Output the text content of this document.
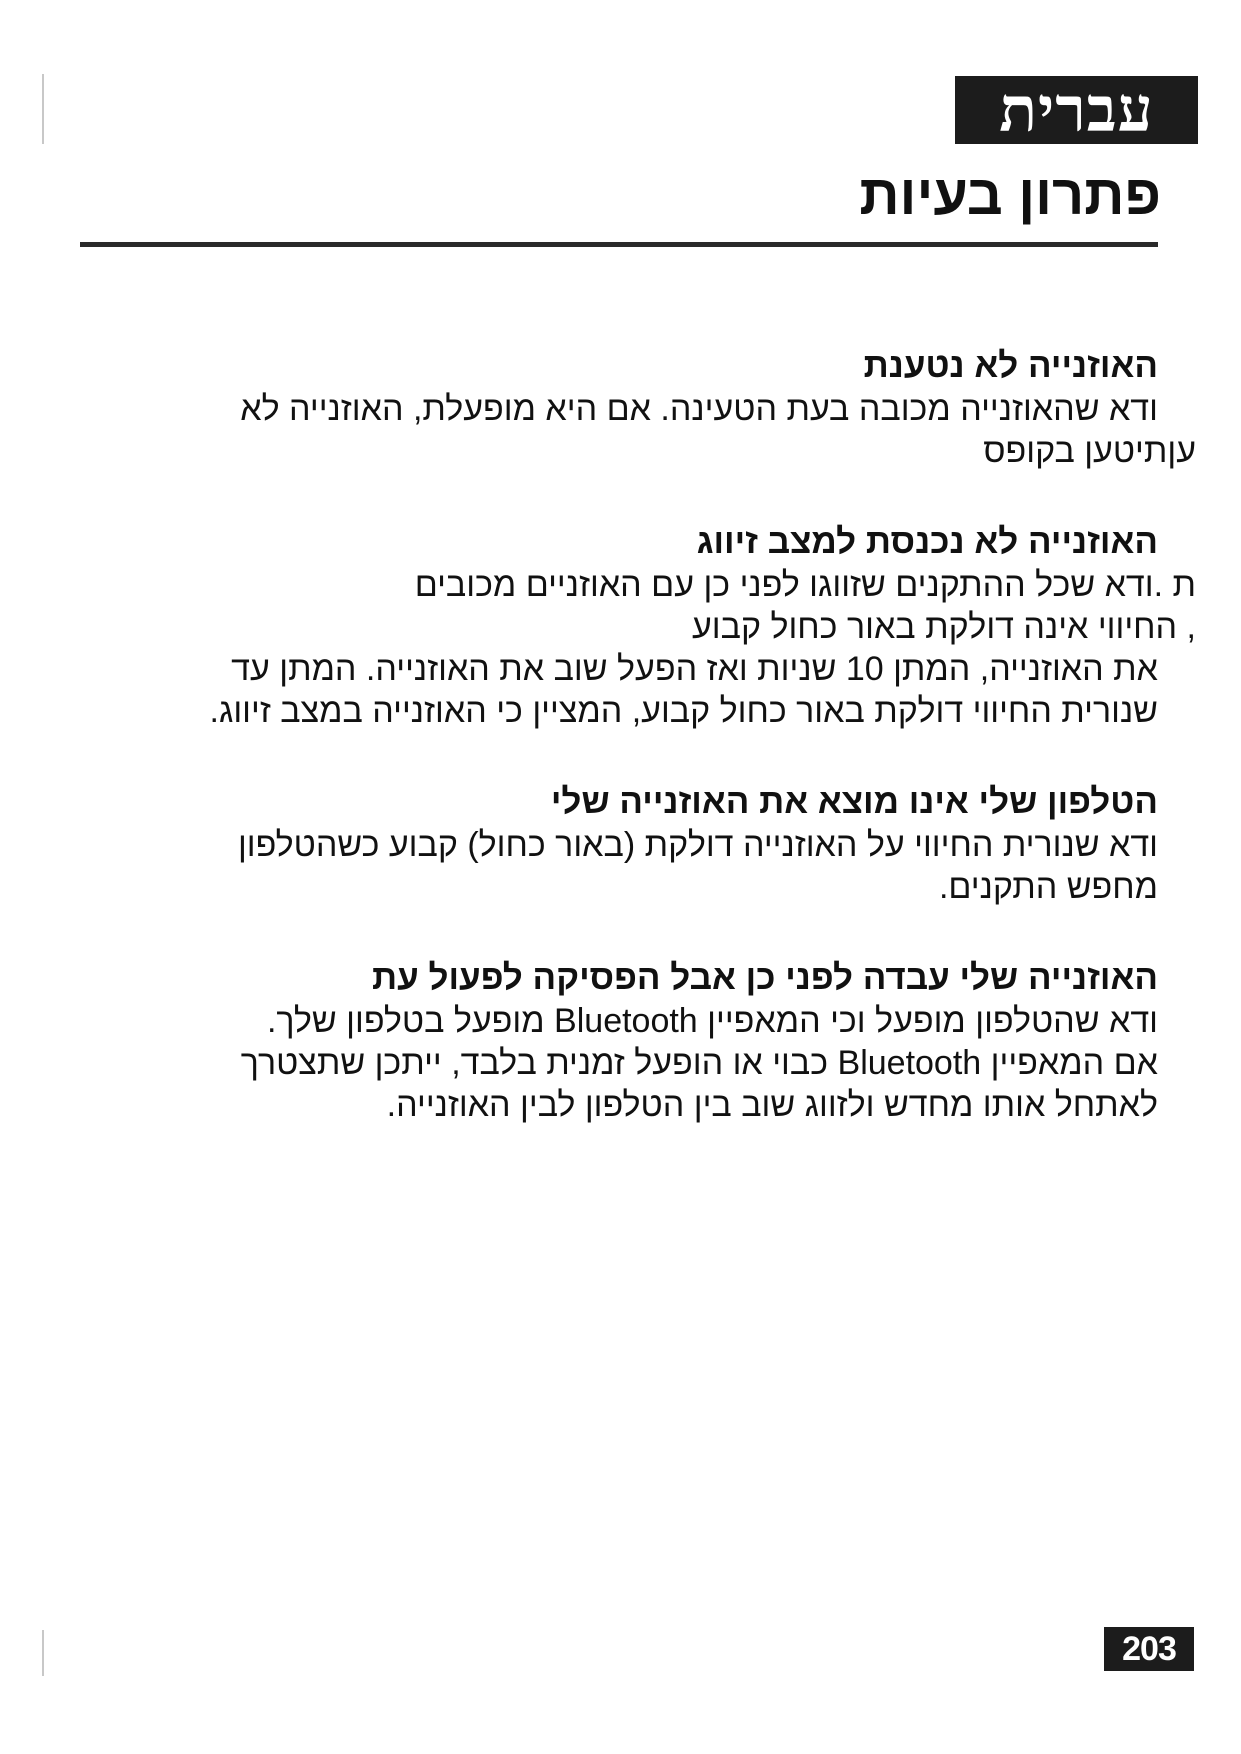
עברית
פתרון בעיות
האוזנייה לא נטענת
ודא שהאוזנייה מכובה בעת הטעינה. אם היא מופעלת, האוזנייה לא
עןתיטען בקופס
האוזנייה לא נכנסת למצב זיווג
ת .ודא שכל ההתקנים שזווגו לפני כן עם האוזניים מכובים
, החיווי אינה דולקת באור כחול קבוע
את האוזנייה, המתן 10 שניות ואז הפעל שוב את האוזנייה. המתן עד
שנורית החיווי דולקת באור כחול קבוע, המציין כי האוזנייה במצב זיווג.
הטלפון שלי אינו מוצא את האוזנייה שלי
ודא שנורית החיווי על האוזנייה דולקת (באור כחול) קבוע כשהטלפון
מחפש התקנים.
האוזנייה שלי עבדה לפני כן אבל הפסיקה לפעול עת
ודא שהטלפון מופעל וכי המאפיין Bluetooth מופעל בטלפון שלך.
אם המאפיין Bluetooth כבוי או הופעל זמנית בלבד, ייתכן שתצטרך
לאתחל אותו מחדש ולזווג שוב בין הטלפון לבין האוזנייה.
203
